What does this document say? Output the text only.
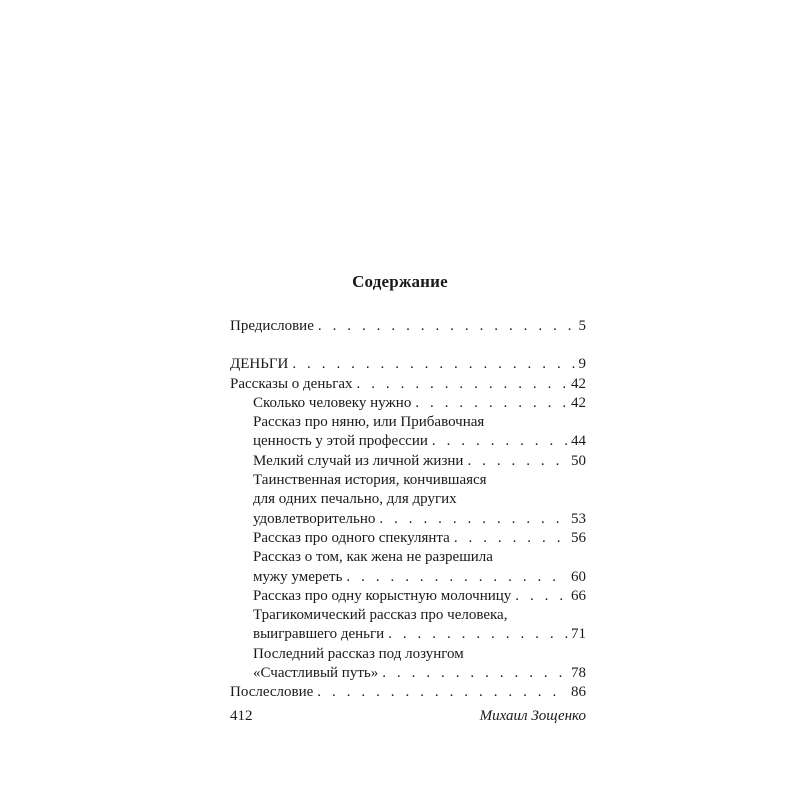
Содержание
Предисловие . . .	5
ДЕНЬГИ . . .	9
Рассказы о деньгах . . .	42
Сколько человеку нужно . . .	42
Рассказ про няню, или Прибавочная
ценность у этой профессии . . .	44
Мелкий случай из личной жизни . . .	50
Таинственная история, кончившаяся
для одних печально, для других
удовлетворительно . . .	53
Рассказ про одного спекулянта . . .	56
Рассказ о том, как жена не разрешила
мужу умереть . . .	60
Рассказ про одну корыстную молочницу . . .	66
Трагикомический рассказ про человека,
выигравшего деньги . . .	71
Последний рассказ под лозунгом
«Счастливый путь» . . .	78
Послесловие . . .	86
412	Михаил Зощенко
